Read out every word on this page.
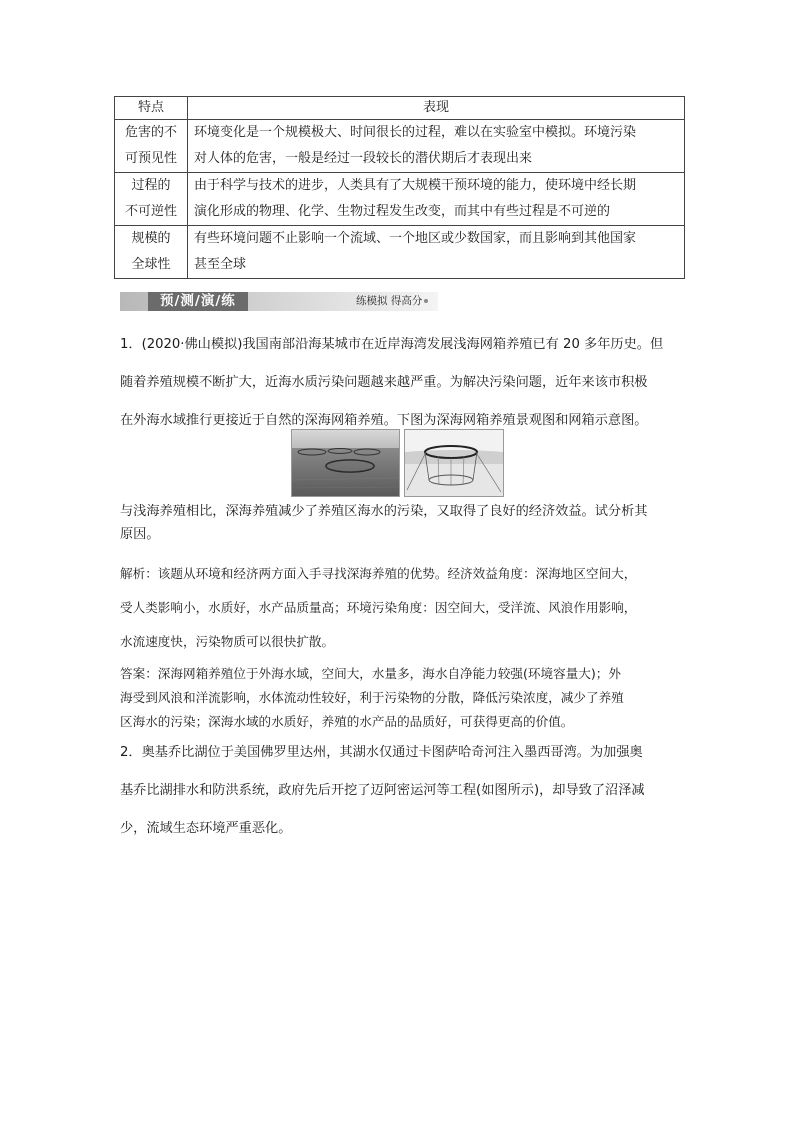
特点	表现
危害的不
可预见性	环境变化是一个规模极大、时间很长的过程，难以在实验室中模拟。环境污染
对人体的危害，一般是经过一段较长的潜伏期后才表现出来
过程的
不可逆性	由于科学与技术的进步，人类具有了大规模干预环境的能力，使环境中经长期
演化形成的物理、化学、生物过程发生改变，而其中有些过程是不可逆的
规模的
全球性	有些环境问题不止影响一个流域、一个地区或少数国家，而且影响到其他国家
甚至全球
预/测/演/练	练模拟 得高分
1．(2020·佛山模拟)我国南部沿海某城市在近岸海湾发展浅海网箱养殖已有 20 多年历史。但
随着养殖规模不断扩大，近海水质污染问题越来越严重。为解决污染问题，近年来该市积极
在外海水域推行更接近于自然的深海网箱养殖。下图为深海网箱养殖景观图和网箱示意图。
与浅海养殖相比，深海养殖减少了养殖区海水的污染，又取得了良好的经济效益。试分析其
原因。
解析：该题从环境和经济两方面入手寻找深海养殖的优势。经济效益角度：深海地区空间大，
受人类影响小，水质好，水产品质量高；环境污染角度：因空间大，受洋流、风浪作用影响，
水流速度快，污染物质可以很快扩散。
答案：深海网箱养殖位于外海水域，空间大，水量多，海水自净能力较强(环境容量大)；外
海受到风浪和洋流影响，水体流动性较好，利于污染物的分散，降低污染浓度，减少了养殖
区海水的污染；深海水域的水质好，养殖的水产品的品质好，可获得更高的价值。
2．奥基乔比湖位于美国佛罗里达州，其湖水仅通过卡图萨哈奇河注入墨西哥湾。为加强奥
基乔比湖排水和防洪系统，政府先后开挖了迈阿密运河等工程(如图所示)，却导致了沼泽减
少，流域生态环境严重恶化。
